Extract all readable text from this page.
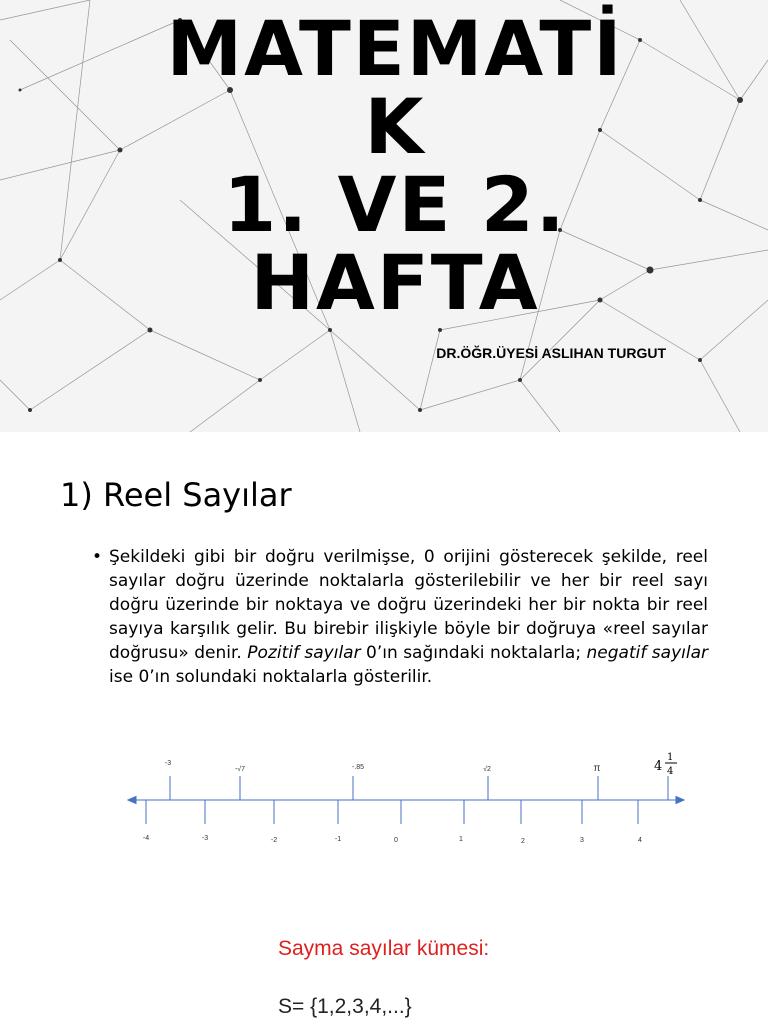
MATEMATİ
K
1. VE 2.
HAFTA
DR.ÖĞR.ÜYESİ ASLIHAN TURGUT
1) Reel Sayılar
• Şekildeki gibi bir doğru verilmişse, 0 orijini gösterecek şekilde, reel sayılar doğru üzerinde noktalarla gösterilebilir ve her bir reel sayı doğru üzerinde bir noktaya ve doğru üzerindeki her bir nokta bir reel sayıya karşılık gelir. Bu birebir ilişkiyle böyle bir doğruya «reel sayılar doğrusu» denir. Pozitif sayılar 0’ın sağındaki noktalarla; negatif sayılar ise 0’ın solundaki noktalarla gösterilir.
-4	-3	-2	-1	0	1	2	3	4
-3
-√7	-.85	√2	π	4
1
4
Sayma sayılar kümesi:
S= {1,2,3,4,...}
